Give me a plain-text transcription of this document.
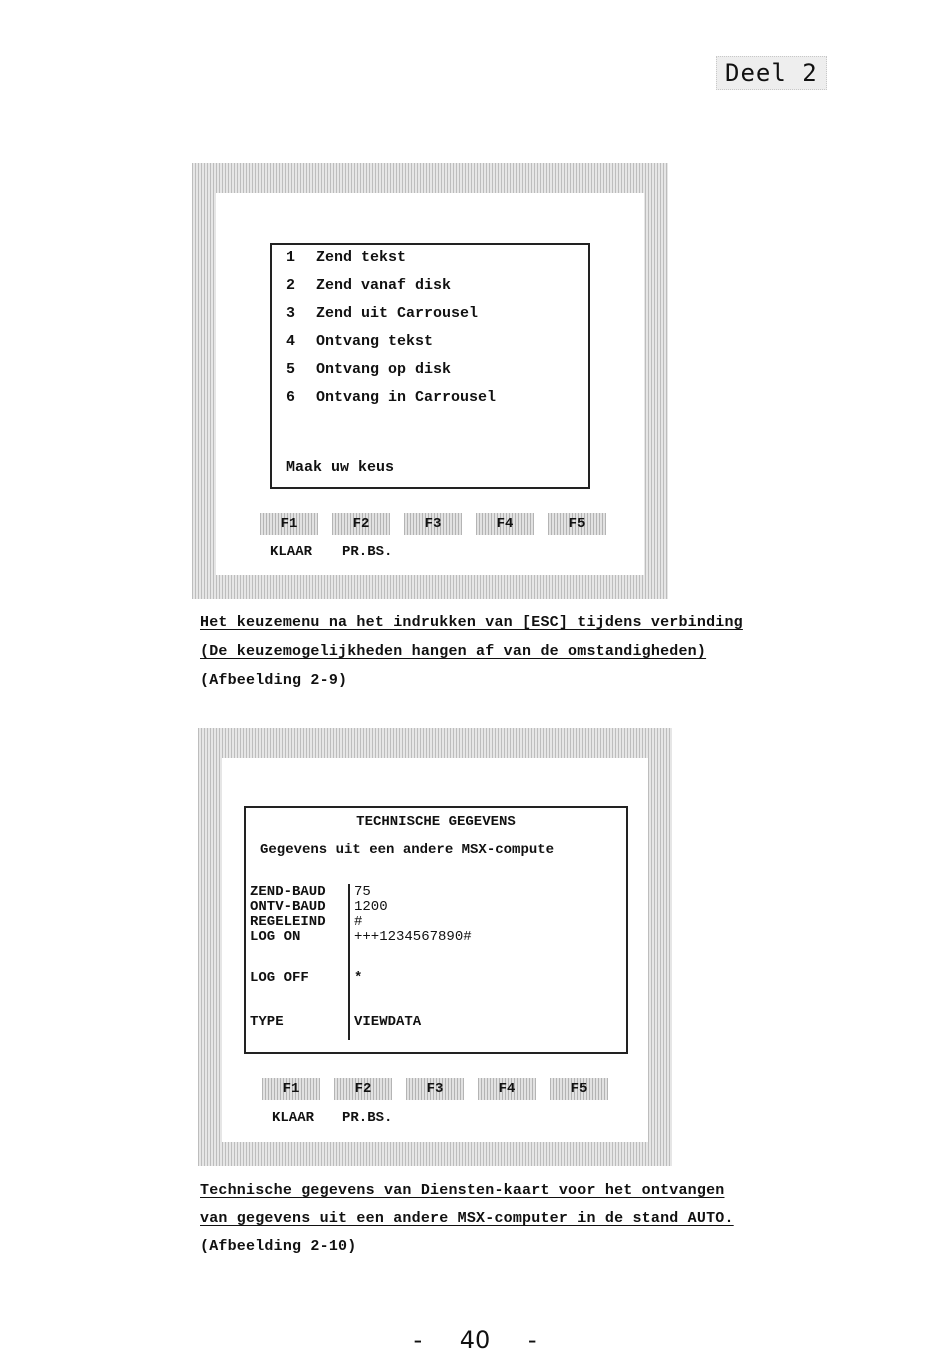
Deel 2
1 Zend tekst
2 Zend vanaf disk
3 Zend uit Carrousel
4 Ontvang tekst
5 Ontvang op disk
6 Ontvang in Carrousel
Maak uw keus
F1	F2	F3	F4	F5
KLAAR PR.BS.
Het keuzemenu na het indrukken van [ESC] tijdens verbinding
(De keuzemogelijkheden hangen af van de omstandigheden)
(Afbeelding 2-9)
TECHNISCHE GEGEVENS
Gegevens uit een andere MSX-compute
ZEND-BAUD 75
ONTV-BAUD 1200
REGELEIND #
LOG ON	+++1234567890#
LOG OFF	*
TYPE	VIEWDATA
F1	F2	F3	F4	F5
KLAAR PR.BS.
Technische gegevens van Diensten-kaart voor het ontvangen
van gegevens uit een andere MSX-computer in de stand AUTO.
(Afbeelding 2-10)
- 40 -
